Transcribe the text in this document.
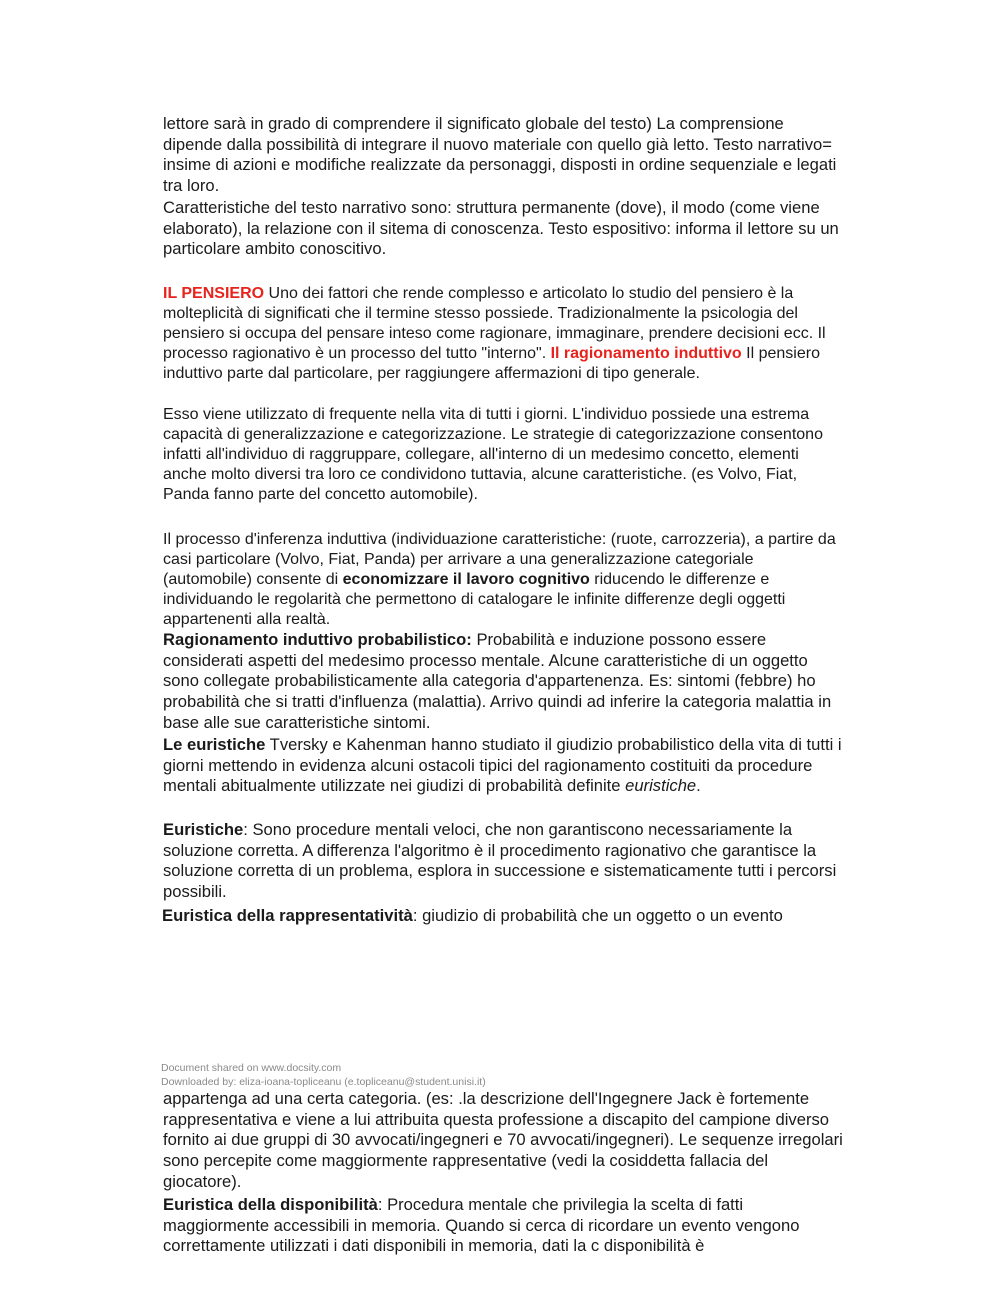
lettore sarà in grado di comprendere il significato globale del testo) La comprensione dipende dalla possibilità di integrare il nuovo materiale con quello già letto. Testo narrativo= insime di azioni e modifiche realizzate da personaggi, disposti in ordine sequenziale e legati tra loro.

Caratteristiche del testo narrativo sono: struttura permanente (dove), il modo (come viene elaborato), la relazione con il sitema di conoscenza. Testo espositivo: informa il lettore su un particolare ambito conoscitivo.

IL PENSIERO Uno dei fattori che rende complesso e articolato lo studio del pensiero è la molteplicità di significati che il termine stesso possiede. Tradizionalmente la psicologia del pensiero si occupa del pensare inteso come ragionare, immaginare, prendere decisioni ecc. Il processo ragionativo è un processo del tutto "interno". Il ragionamento induttivo Il pensiero induttivo parte dal particolare, per raggiungere affermazioni di tipo generale.

Esso viene utilizzato di frequente nella vita di tutti i giorni. L'individuo possiede una estrema capacità di generalizzazione e categorizzazione. Le strategie di categorizzazione consentono infatti all'individuo di raggruppare, collegare, all'interno di un medesimo concetto, elementi anche molto diversi tra loro ce condividono tuttavia, alcune caratteristiche. (es Volvo, Fiat, Panda fanno parte del concetto automobile).

Il processo d'inferenza induttiva (individuazione caratteristiche: (ruote, carrozzeria), a partire da casi particolare (Volvo, Fiat, Panda) per arrivare a una generalizzazione categoriale (automobile) consente di economizzare il lavoro cognitivo riducendo le differenze e individuando le regolarità che permettono di catalogare le infinite differenze degli oggetti appartenenti alla realtà.

Ragionamento induttivo probabilistico: Probabilità e induzione possono essere considerati aspetti del medesimo processo mentale. Alcune caratteristiche di un oggetto sono collegate probabilisticamente alla categoria d'appartenenza. Es: sintomi (febbre) ho probabilità che si tratti d'influenza (malattia). Arrivo quindi ad inferire la categoria malattia in base alle sue caratteristiche sintomi.

Le euristiche Tversky e Kahenman hanno studiato il giudizio probabilistico della vita di tutti i giorni mettendo in evidenza alcuni ostacoli tipici del ragionamento costituiti da procedure mentali abitualmente utilizzate nei giudizi di probabilità definite euristiche.

Euristiche: Sono procedure mentali veloci, che non garantiscono necessariamente la soluzione corretta. A differenza l'algoritmo è il procedimento ragionativo che garantisce la soluzione corretta di un problema, esplora in successione e sistematicamente tutti i percorsi possibili.

Euristica della rappresentatività: giudizio di probabilità che un oggetto o un evento

Document shared on www.docsity.com
Downloaded by: eliza-ioana-topliceanu (e.topliceanu@student.unisi.it)

appartenga ad una certa categoria. (es: .la descrizione dell'Ingegnere Jack è fortemente rappresentativa e viene a lui attribuita questa professione a discapito del campione diverso fornito ai due gruppi di 30 avvocati/ingegneri e 70 avvocati/ingegneri). Le sequenze irregolari sono percepite come maggiormente rappresentative (vedi la cosiddetta fallacia del giocatore).

Euristica della disponibilità: Procedura mentale che privilegia la scelta di fatti maggiormente accessibili in memoria. Quando si cerca di ricordare un evento vengono correttamente utilizzati i dati disponibili in memoria, dati la c disponibilità è
